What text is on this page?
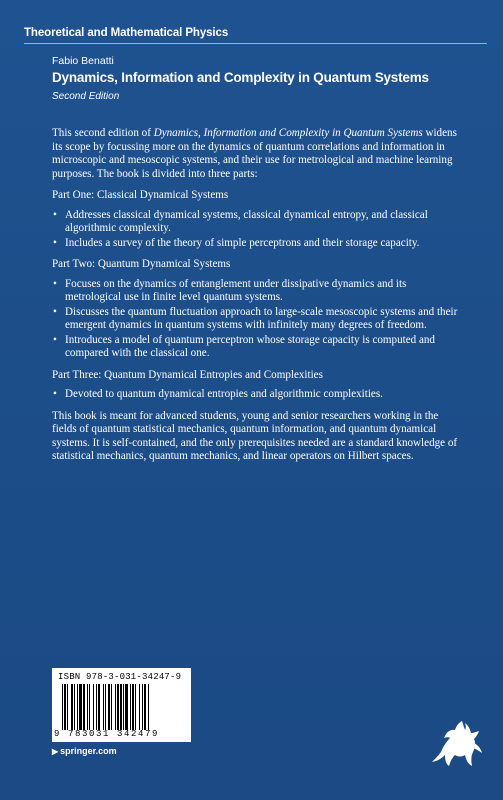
Theoretical and Mathematical Physics
Fabio Benatti
Dynamics, Information and Complexity in Quantum Systems
Second Edition

This second edition of Dynamics, Information and Complexity in Quantum Systems widens its scope by focussing more on the dynamics of quantum correlations and information in microscopic and mesoscopic systems, and their use for metrological and machine learning purposes. The book is divided into three parts:

Part One: Classical Dynamical Systems

• Addresses classical dynamical systems, classical dynamical entropy, and classical algorithmic complexity.
• Includes a survey of the theory of simple perceptrons and their storage capacity.

Part Two: Quantum Dynamical Systems

• Focuses on the dynamics of entanglement under dissipative dynamics and its metrological use in finite level quantum systems.
• Discusses the quantum fluctuation approach to large-scale mesoscopic systems and their emergent dynamics in quantum systems with infinitely many degrees of freedom.
• Introduces a model of quantum perceptron whose storage capacity is computed and compared with the classical one.

Part Three: Quantum Dynamical Entropies and Complexities

• Devoted to quantum dynamical entropies and algorithmic complexities.

This book is meant for advanced students, young and senior researchers working in the fields of quantum statistical mechanics, quantum information, and quantum dynamical systems. It is self-contained, and the only prerequisites needed are a standard knowledge of statistical mechanics, quantum mechanics, and linear operators on Hilbert spaces.

ISBN 978-3-031-34247-9
9 783031 342479
▶ springer.com
